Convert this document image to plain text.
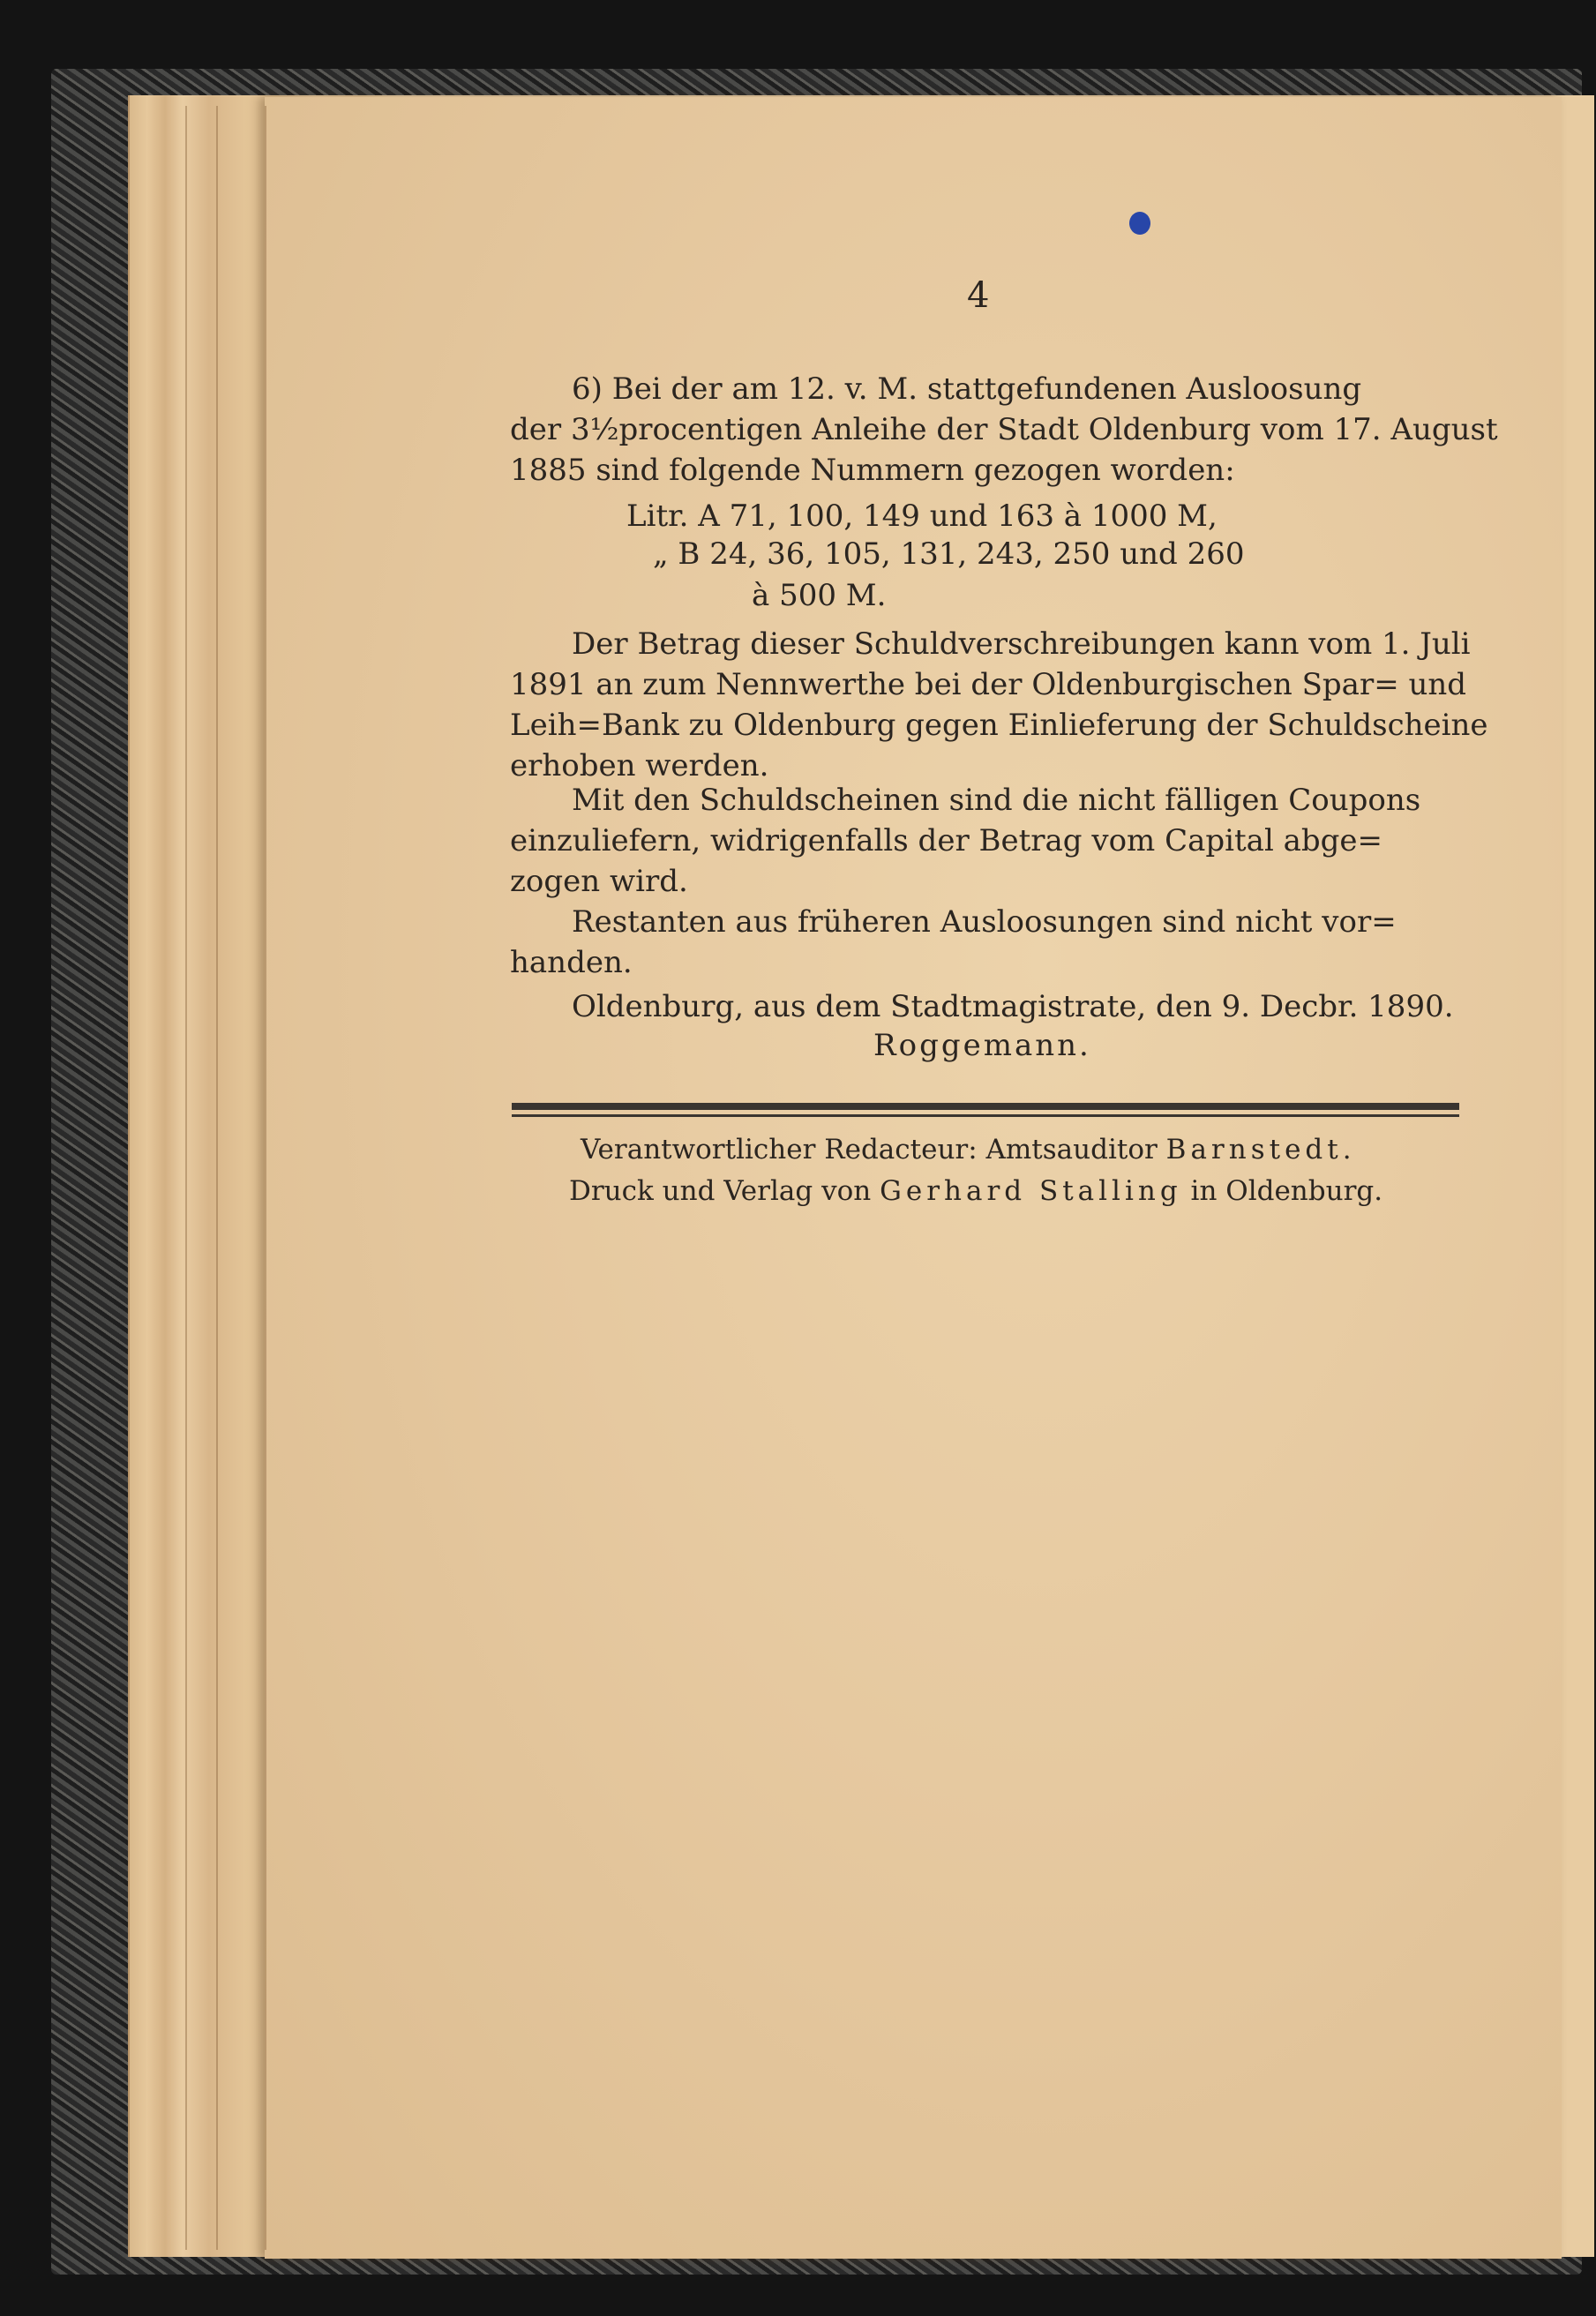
4
6) Bei der am 12. v. M. stattgefundenen Ausloosung
der 3½procentigen Anleihe der Stadt Oldenburg vom 17. August
1885 sind folgende Nummern gezogen worden:
Litr. A 71, 100, 149 und 163 à 1000 M,
„ B 24, 36, 105, 131, 243, 250 und 260
à 500 M.
Der Betrag dieser Schuldverschreibungen kann vom 1. Juli
1891 an zum Nennwerthe bei der Oldenburgischen Spar= und
Leih=Bank zu Oldenburg gegen Einlieferung der Schuldscheine
erhoben werden.
Mit den Schuldscheinen sind die nicht fälligen Coupons
einzuliefern, widrigenfalls der Betrag vom Capital abge=
zogen wird.
Restanten aus früheren Ausloosungen sind nicht vor=
handen.
Oldenburg, aus dem Stadtmagistrate, den 9. Decbr. 1890.
Roggemann.
Verantwortlicher Redacteur: Amtsauditor Barnstedt.
Druck und Verlag von Gerhard Stalling in Oldenburg.
